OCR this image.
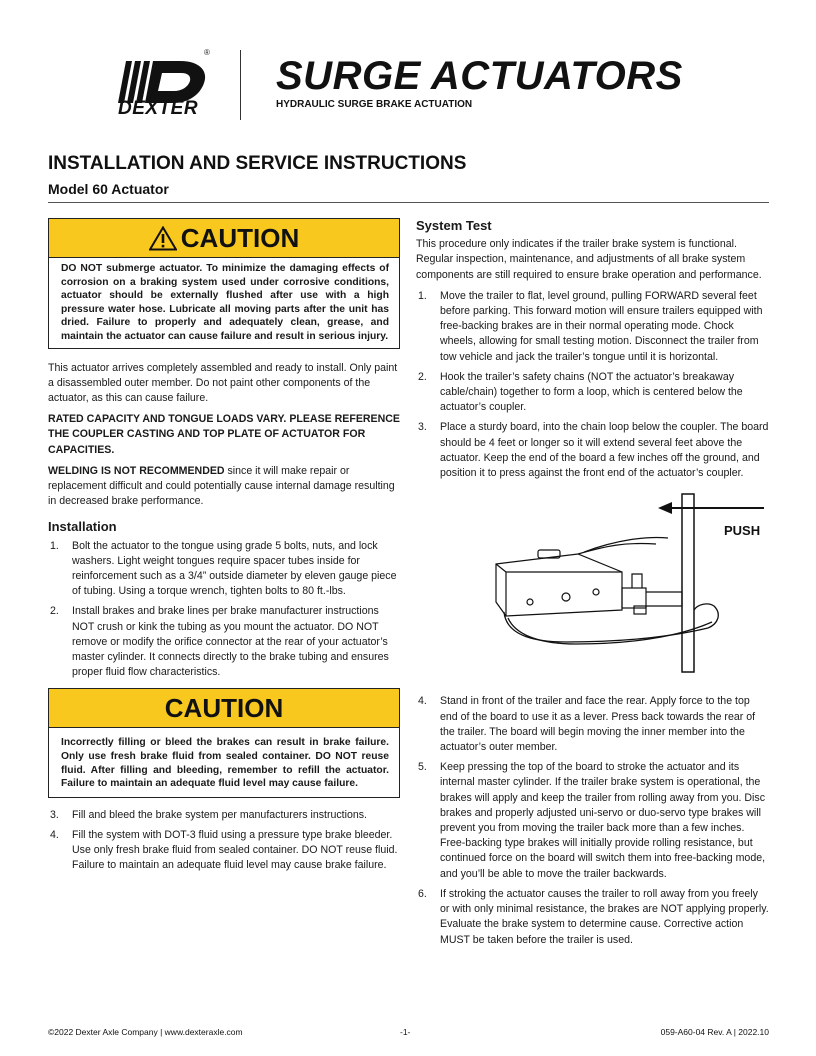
®
DEXTER
SURGE ACTUATORS
HYDRAULIC SURGE BRAKE ACTUATION
INSTALLATION AND SERVICE INSTRUCTIONS
Model 60 Actuator
CAUTION
DO NOT submerge actuator. To minimize the damaging effects of corrosion on a braking system used under corrosive conditions, actuator should be externally flushed after use with a high pressure water hose. Lubricate all moving parts after the unit has dried. Failure to properly and adequately clean, grease, and maintain the actuator can cause failure and result in serious injury.

This actuator arrives completely assembled and ready to install. Only paint a disassembled outer member. Do not paint other components of the actuator, as this can cause failure.

RATED CAPACITY AND TONGUE LOADS VARY. PLEASE REFERENCE THE COUPLER CASTING AND TOP PLATE OF ACTUATOR FOR CAPACITIES.

WELDING IS NOT RECOMMENDED since it will make repair or replacement difficult and could potentially cause internal damage resulting in decreased brake performance.

Installation
1. Bolt the actuator to the tongue using grade 5 bolts, nuts, and lock washers. Light weight tongues require spacer tubes inside for reinforcement such as a 3/4” outside diameter by eleven gauge piece of tubing. Using a torque wrench, tighten bolts to 80 ft.-lbs.
2. Install brakes and brake lines per brake manufacturer instructions NOT crush or kink the tubing as you mount the actuator. DO NOT remove or modify the orifice connector at the rear of your actuator’s master cylinder. It connects directly to the brake tubing and ensures proper fluid flow characteristics.
CAUTION
Incorrectly filling or bleed the brakes can result in brake failure. Only use fresh brake fluid from sealed container. DO NOT reuse fluid. After filling and bleeding, remember to refill the actuator. Failure to maintain an adequate fluid level may cause failure.
3. Fill and bleed the brake system per manufacturers instructions.
4. Fill the system with DOT-3 fluid using a pressure type brake bleeder. Use only fresh brake fluid from sealed container. DO NOT reuse fluid. Failure to maintain an adequate fluid level may cause brake failure.
System Test

This procedure only indicates if the trailer brake system is functional. Regular inspection, maintenance, and adjustments of all brake system components are still required to ensure brake operation and performance.

1. Move the trailer to flat, level ground, pulling FORWARD several feet before parking. This forward motion will ensure trailers equipped with free-backing brakes are in their normal operating mode. Chock wheels, allowing for small testing motion. Disconnect the trailer from tow vehicle and jack the trailer’s tongue until it is horizontal.
2. Hook the trailer’s safety chains (NOT the actuator’s breakaway cable/chain) together to form a loop, which is centered below the actuator’s coupler.
3. Place a sturdy board, into the chain loop below the coupler. The board should be 4 feet or longer so it will extend several feet above the actuator. Keep the end of the board a few inches off the ground, and position it to press against the front end of the actuator’s coupler.
PUSH
4. Stand in front of the trailer and face the rear. Apply force to the top end of the board to use it as a lever. Press back towards the rear of the trailer. The board will begin moving the inner member into the actuator’s outer member.
5. Keep pressing the top of the board to stroke the actuator and its internal master cylinder. If the trailer brake system is operational, the brakes will apply and keep the trailer from rolling away from you. Disc brakes and properly adjusted uni-servo or duo-servo type brakes will prevent you from moving the trailer back more than a few inches. Free-backing type brakes will initially provide rolling resistance, but continued force on the board will switch them into free-backing mode, and you’ll be able to move the trailer backwards.
6. If stroking the actuator causes the trailer to roll away from you freely or with only minimal resistance, the brakes are NOT applying properly. Evaluate the brake system to determine cause. Corrective action MUST be taken before the trailer is used.
©2022 Dexter Axle Company | www.dexteraxle.com	-1-	059-A60-04 Rev. A | 2022.10
